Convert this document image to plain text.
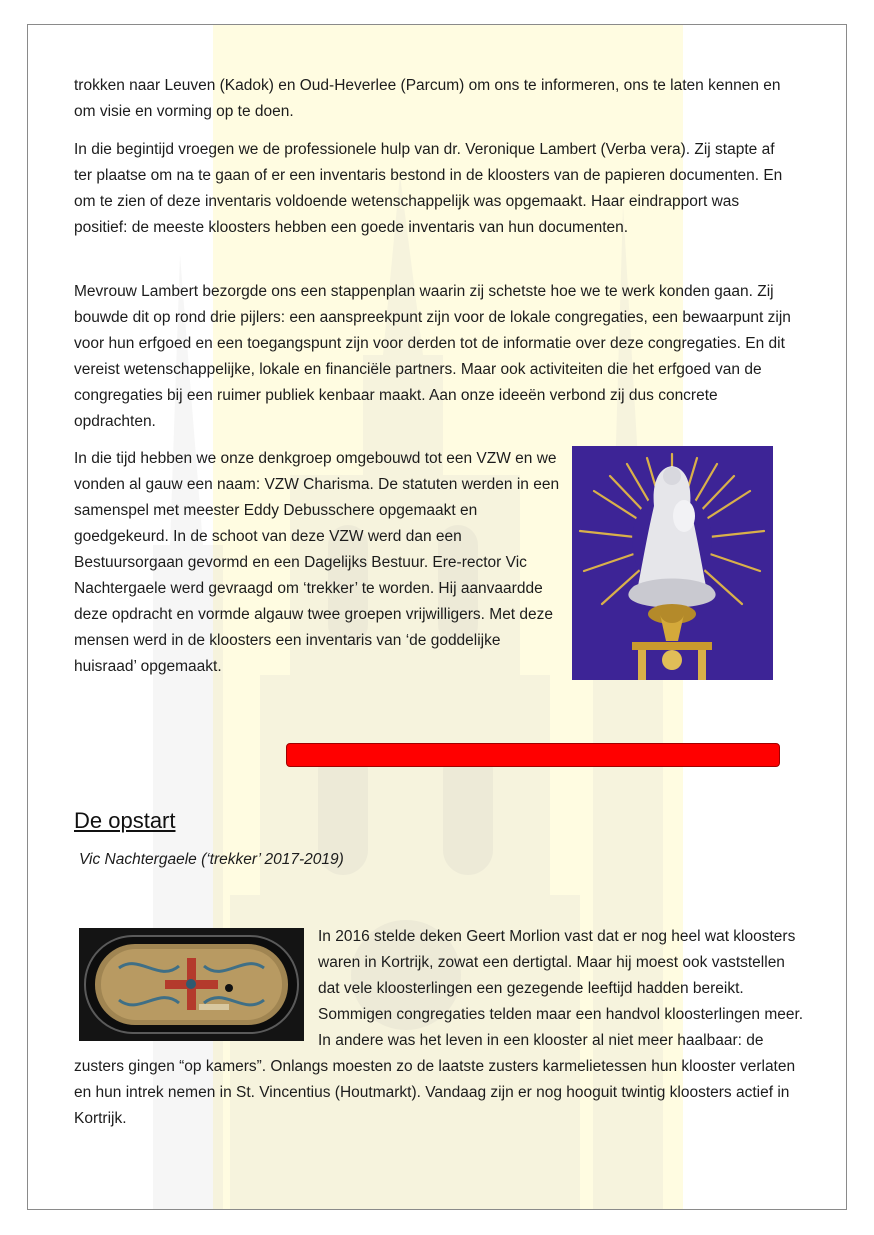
trokken naar Leuven (Kadok) en Oud-Heverlee (Parcum) om ons te informeren, ons te laten kennen en om visie en vorming op te doen.

In die begintijd vroegen we de professionele hulp van dr. Veronique Lambert (Verba vera). Zij stapte af ter plaatse om na te gaan of er een inventaris bestond in de kloosters van de papieren documenten. En om te zien of deze inventaris voldoende wetenschappelijk was opgemaakt. Haar eindrapport was positief: de meeste kloosters hebben een goede inventaris van hun documenten.

Mevrouw Lambert bezorgde ons een stappenplan waarin zij schetste hoe we te werk konden gaan. Zij bouwde dit op rond drie pijlers: een aanspreekpunt zijn voor de lokale congregaties, een bewaarpunt zijn voor hun erfgoed en een toegangspunt zijn voor derden tot de informatie over deze congregaties. En dit vereist wetenschappelijke, lokale en financiële partners. Maar ook activiteiten die het erfgoed van de congregaties bij een ruimer publiek kenbaar maakt. Aan onze ideeën verbond zij dus concrete opdrachten.

In die tijd hebben we onze denkgroep omgebouwd tot een VZW en we vonden al gauw een naam: VZW Charisma. De statuten werden in een samenspel met meester Eddy Debusschere opgemaakt en goedgekeurd. In de schoot van deze VZW werd dan een Bestuursorgaan gevormd en een Dagelijks Bestuur. Ere-rector Vic Nachtergaele werd gevraagd om ‘trekker’ te worden. Hij aanvaardde deze opdracht en vormde algauw twee groepen vrijwilligers. Met deze mensen werd in de kloosters een inventaris van ‘de goddelijke huisraad’ opgemaakt.

De opstart
Vic Nachtergaele (‘trekker’ 2017-2019)

In 2016 stelde deken Geert Morlion vast dat er nog heel wat kloosters waren in Kortrijk, zowat een dertigtal. Maar hij moest ook vaststellen dat vele kloosterlingen een gezegende leeftijd hadden bereikt. Sommigen congregaties telden maar een handvol kloosterlingen meer. In andere was het leven in een klooster al niet meer haalbaar: de zusters gingen “op kamers”. Onlangs moesten zo de laatste zusters karmelietessen hun klooster verlaten en hun intrek nemen in St. Vincentius (Houtmarkt). Vandaag zijn er nog hooguit twintig kloosters actief in Kortrijk.
